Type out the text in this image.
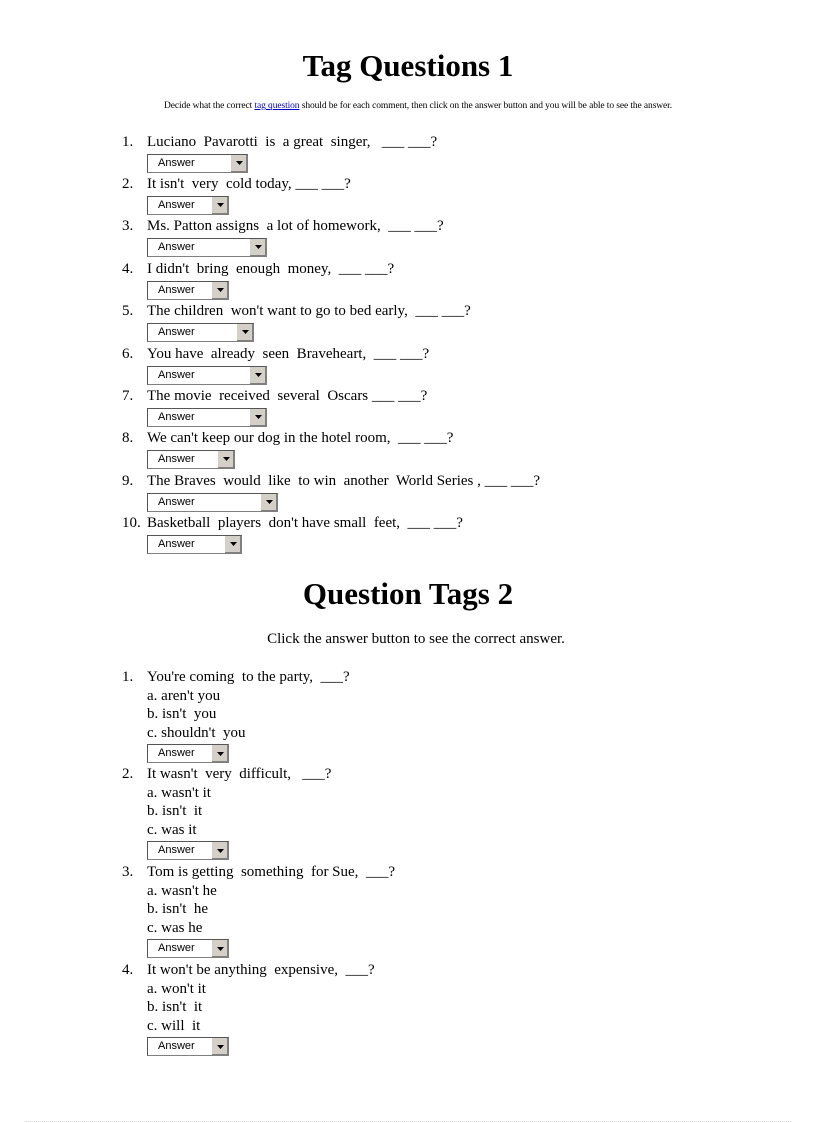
Tag Questions 1
Decide what the correct tag question should be for each comment, then click on the answer button and you will be able to see the answer.
1. Luciano  Pavarotti  is  a great  singer,   ___ ___?
Answer
2. It isn't  very  cold today, ___ ___?
Answer
3. Ms. Patton assigns  a lot of homework,  ___ ___?
Answer
4. I didn't  bring  enough  money,  ___ ___?
Answer
5. The children  won't want to go to bed early,  ___ ___?
Answer
6. You have  already  seen  Braveheart,  ___ ___?
Answer
7. The movie  received  several  Oscars ___ ___?
Answer
8. We can't keep our dog in the hotel room,  ___ ___?
Answer
9. The Braves  would  like  to win  another  World Series , ___ ___?
Answer
10. Basketball  players  don't have small  feet,  ___ ___?
Answer
Question Tags 2
Click the answer button to see the correct answer.
1. You're coming  to the party,  ___?
a. aren't you
b. isn't  you
c. shouldn't  you
Answer
2. It wasn't  very  difficult,   ___?
a. wasn't it
b. isn't  it
c. was it
Answer
3. Tom is getting  something  for Sue,  ___?
a. wasn't he
b. isn't  he
c. was he
Answer
4. It won't be anything  expensive,  ___?
a. won't it
b. isn't  it
c. will  it
Answer
